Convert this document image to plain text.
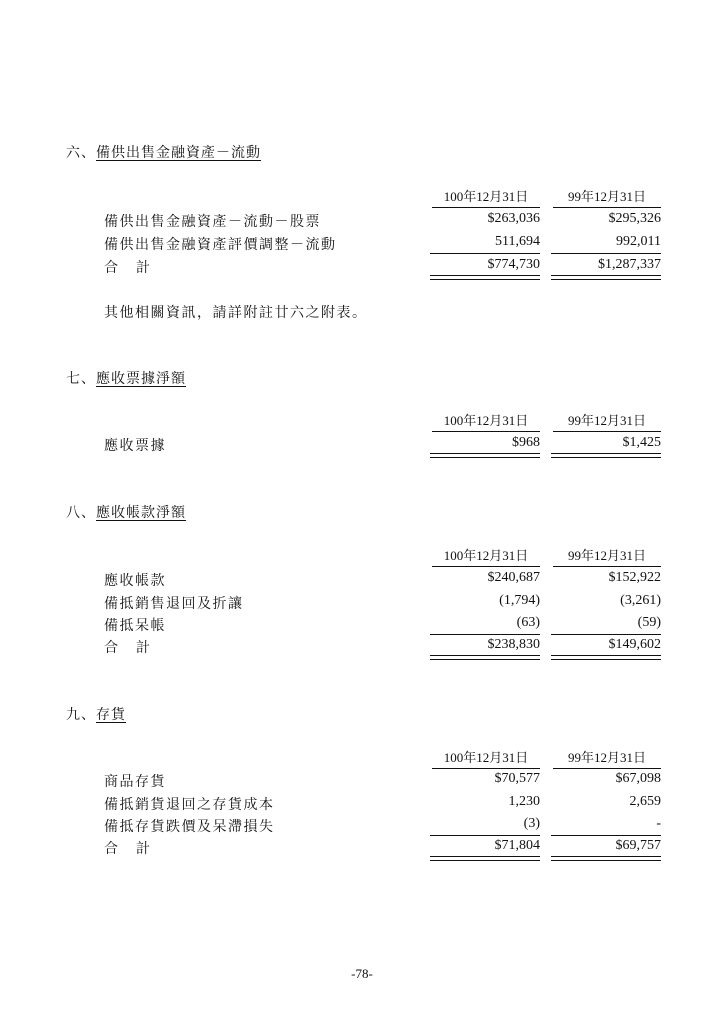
六、備供出售金融資產－流動
100年12月31日	99年12月31日
備供出售金融資產－流動－股票	$263,036	$295,326
備供出售金融資產評價調整－流動	511,694	992,011
合計	$774,730	$1,287,337
其他相關資訊，請詳附註廿六之附表。
七、應收票據淨額
100年12月31日	99年12月31日
應收票據	$968	$1,425
八、應收帳款淨額
100年12月31日	99年12月31日
應收帳款	$240,687	$152,922
備抵銷售退回及折讓	(1,794)	(3,261)
備抵呆帳	(63)	(59)
合計	$238,830	$149,602
九、存貨
100年12月31日	99年12月31日
商品存貨	$70,577	$67,098
備抵銷貨退回之存貨成本	1,230	2,659
備抵存貨跌價及呆滯損失	(3)	-
合計	$71,804	$69,757
-78-
